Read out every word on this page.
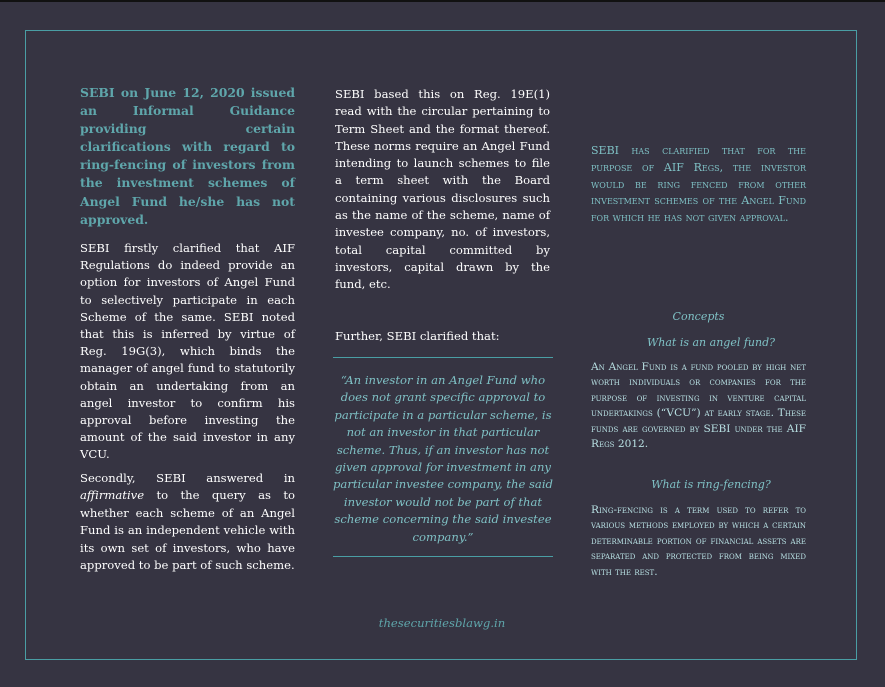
SEBI on June 12, 2020 issued an Informal Guidance providing certain clarifications with regard to ring-fencing of investors from the investment schemes of Angel Fund he/she has not approved.

SEBI firstly clarified that AIF Regulations do indeed provide an option for investors of Angel Fund to selectively participate in each Scheme of the same. SEBI noted that this is inferred by virtue of Reg. 19G(3), which binds the manager of angel fund to statutorily obtain an undertaking from an angel investor to confirm his approval before investing the amount of the said investor in any VCU.

Secondly, SEBI answered in affirmative to the query as to whether each scheme of an Angel Fund is an independent vehicle with its own set of investors, who have approved to be part of such scheme.

SEBI based this on Reg. 19E(1) read with the circular pertaining to Term Sheet and the format thereof. These norms require an Angel Fund intending to launch schemes to file a term sheet with the Board containing various disclosures such as the name of the scheme, name of investee company, no. of investors, total capital committed by investors, capital drawn by the fund, etc.

Further, SEBI clarified that:

“An investor in an Angel Fund who does not grant specific approval to participate in a particular scheme, is not an investor in that particular scheme. Thus, if an investor has not given approval for investment in any particular investee company, the said investor would not be part of that scheme concerning the said investee company.”

SEBI has clarified that for the purpose of AIF Regs, the investor would be ring fenced from other investment schemes of the Angel Fund for which he has not given approval.

Concepts

What is an angel fund?

An Angel Fund is a fund pooled by high net worth individuals or companies for the purpose of investing in venture capital undertakings (“VCU”) at early stage. These funds are governed by SEBI under the AIF Regs 2012.

What is ring-fencing?

Ring-fencing is a term used to refer to various methods employed by which a certain determinable portion of financial assets are separated and protected from being mixed with the rest.

thesecuritiesblawg.in
